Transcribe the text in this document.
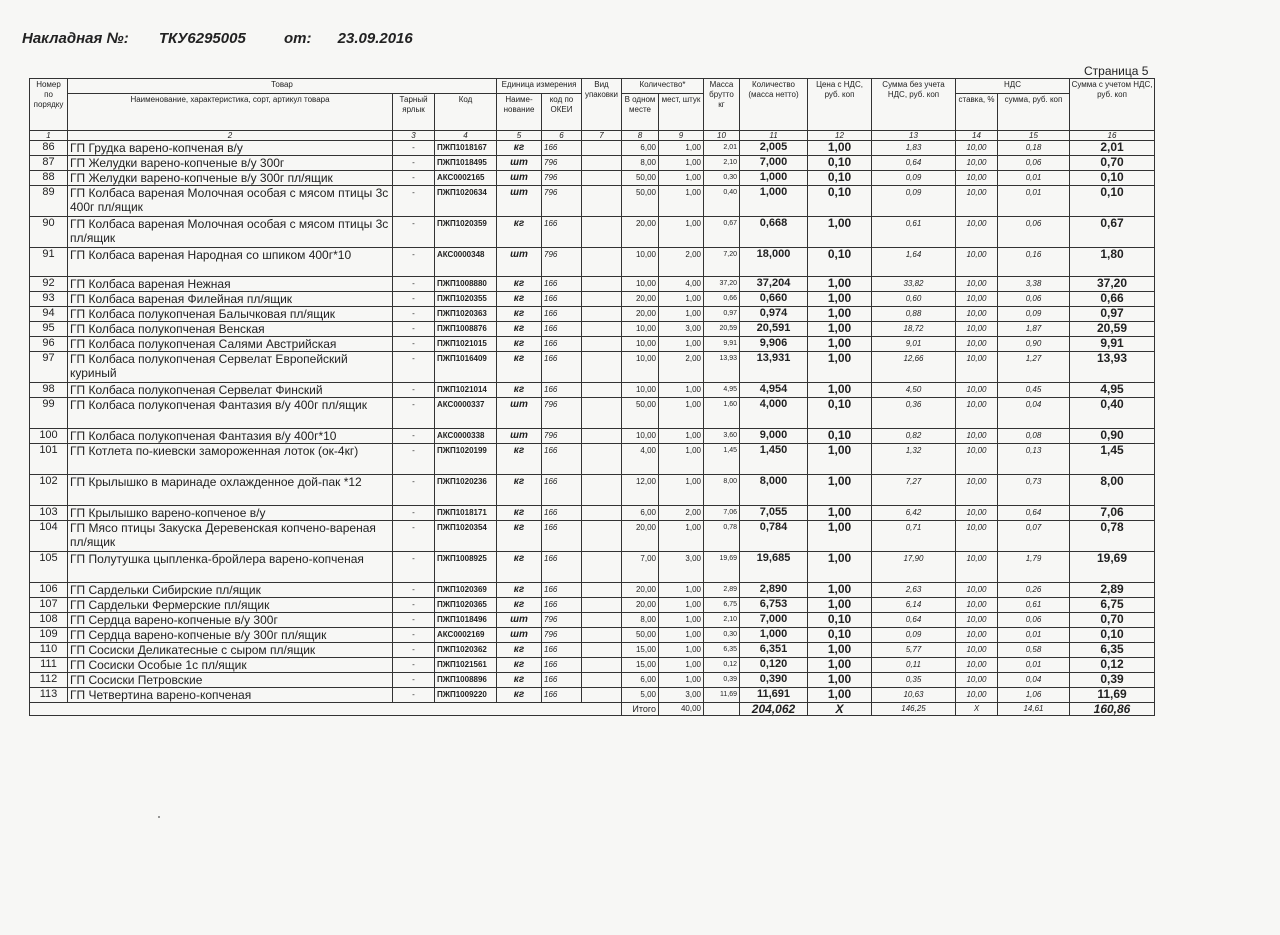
Накладная №: ТКУ6295005	от: 23.09.2016
Страница 5
Номер по порядку	Товар			Единица измерения		Вид упаковки	Количество*		Масса брутто кг	Количество (масса нетто)	Цена с НДС, руб. коп	Сумма без учета НДС, руб. коп	НДС		Сумма с учетом НДС, руб. коп
	Наименование, характеристика, сорт, артикул товара	Тарный ярлык	Код	Наиме-нование	код по ОКЕИ		В одном месте	мест, штук					ставка, %	сумма, руб. коп	
1	2	3	4	5	6	7	8	9	10	11	12	13	14	15	16
86	ГП Грудка варено-копченая в/у	-	ПЖП1018167	кг	166		6,00	1,00	2,01	2,005	1,00	1,83	10,00	0,18	2,01
87	ГП Желудки варено-копченые в/у 300г	-	ПЖП1018495	шт	796		8,00	1,00	2,10	7,000	0,10	0,64	10,00	0,06	0,70
88	ГП Желудки варено-копченые в/у 300г пл/ящик	-	АКС0002165	шт	796		50,00	1,00	0,30	1,000	0,10	0,09	10,00	0,01	0,10
89	ГП Колбаса вареная Молочная особая с мясом птицы 3с 400г пл/ящик	-	ПЖП1020634	шт	796		50,00	1,00	0,40	1,000	0,10	0,09	10,00	0,01	0,10
90	ГП Колбаса вареная Молочная особая с мясом птицы 3с пл/ящик	-	ПЖП1020359	кг	166		20,00	1,00	0,67	0,668	1,00	0,61	10,00	0,06	0,67
91	ГП Колбаса вареная Народная со шпиком 400г*10	-	АКС0000348	шт	796		10,00	2,00	7,20	18,000	0,10	1,64	10,00	0,16	1,80
92	ГП Колбаса вареная Нежная	-	ПЖП1008880	кг	166		10,00	4,00	37,20	37,204	1,00	33,82	10,00	3,38	37,20
93	ГП Колбаса вареная Филейная пл/ящик	-	ПЖП1020355	кг	166		20,00	1,00	0,66	0,660	1,00	0,60	10,00	0,06	0,66
94	ГП Колбаса полукопченая Балычковая пл/ящик	-	ПЖП1020363	кг	166		20,00	1,00	0,97	0,974	1,00	0,88	10,00	0,09	0,97
95	ГП Колбаса полукопченая Венская	-	ПЖП1008876	кг	166		10,00	3,00	20,59	20,591	1,00	18,72	10,00	1,87	20,59
96	ГП Колбаса полукопченая Салями Австрийская	-	ПЖП1021015	кг	166		10,00	1,00	9,91	9,906	1,00	9,01	10,00	0,90	9,91
97	ГП Колбаса полукопченая Сервелат Европейский куриный	-	ПЖП1016409	кг	166		10,00	2,00	13,93	13,931	1,00	12,66	10,00	1,27	13,93
98	ГП Колбаса полукопченая Сервелат Финский	-	ПЖП1021014	кг	166		10,00	1,00	4,95	4,954	1,00	4,50	10,00	0,45	4,95
99	ГП Колбаса полукопченая Фантазия в/у 400г пл/ящик	-	АКС0000337	шт	796		50,00	1,00	1,60	4,000	0,10	0,36	10,00	0,04	0,40
100	ГП Колбаса полукопченая Фантазия в/у 400г*10	-	АКС0000338	шт	796		10,00	1,00	3,60	9,000	0,10	0,82	10,00	0,08	0,90
101	ГП Котлета по-киевски замороженная лоток (ок-4кг)	-	ПЖП1020199	кг	166		4,00	1,00	1,45	1,450	1,00	1,32	10,00	0,13	1,45
102	ГП Крылышко в маринаде охлажденное дой-пак *12	-	ПЖП1020236	кг	166		12,00	1,00	8,00	8,000	1,00	7,27	10,00	0,73	8,00
103	ГП Крылышко варено-копченое в/у	-	ПЖП1018171	кг	166		6,00	2,00	7,06	7,055	1,00	6,42	10,00	0,64	7,06
104	ГП Мясо птицы Закуска Деревенская копчено-вареная пл/ящик	-	ПЖП1020354	кг	166		20,00	1,00	0,78	0,784	1,00	0,71	10,00	0,07	0,78
105	ГП Полутушка цыпленка-бройлера варено-копченая	-	ПЖП1008925	кг	166		7,00	3,00	19,69	19,685	1,00	17,90	10,00	1,79	19,69
106	ГП Сардельки Сибирские пл/ящик	-	ПЖП1020369	кг	166		20,00	1,00	2,89	2,890	1,00	2,63	10,00	0,26	2,89
107	ГП Сардельки Фермерские пл/ящик	-	ПЖП1020365	кг	166		20,00	1,00	6,75	6,753	1,00	6,14	10,00	0,61	6,75
108	ГП Сердца варено-копченые в/у 300г	-	ПЖП1018496	шт	796		8,00	1,00	2,10	7,000	0,10	0,64	10,00	0,06	0,70
109	ГП Сердца варено-копченые в/у 300г пл/ящик	-	АКС0002169	шт	796		50,00	1,00	0,30	1,000	0,10	0,09	10,00	0,01	0,10
110	ГП Сосиски Деликатесные с сыром пл/ящик	-	ПЖП1020362	кг	166		15,00	1,00	6,35	6,351	1,00	5,77	10,00	0,58	6,35
111	ГП Сосиски Особые 1с пл/ящик	-	ПЖП1021561	кг	166		15,00	1,00	0,12	0,120	1,00	0,11	10,00	0,01	0,12
112	ГП Сосиски Петровские	-	ПЖП1008896	кг	166		6,00	1,00	0,39	0,390	1,00	0,35	10,00	0,04	0,39
113	ГП Четвертина варено-копченая	-	ПЖП1009220	кг	166		5,00	3,00	11,69	11,691	1,00	10,63	10,00	1,06	11,69
							Итого	40,00		204,062	X	146,25	X	14,61	160,86
